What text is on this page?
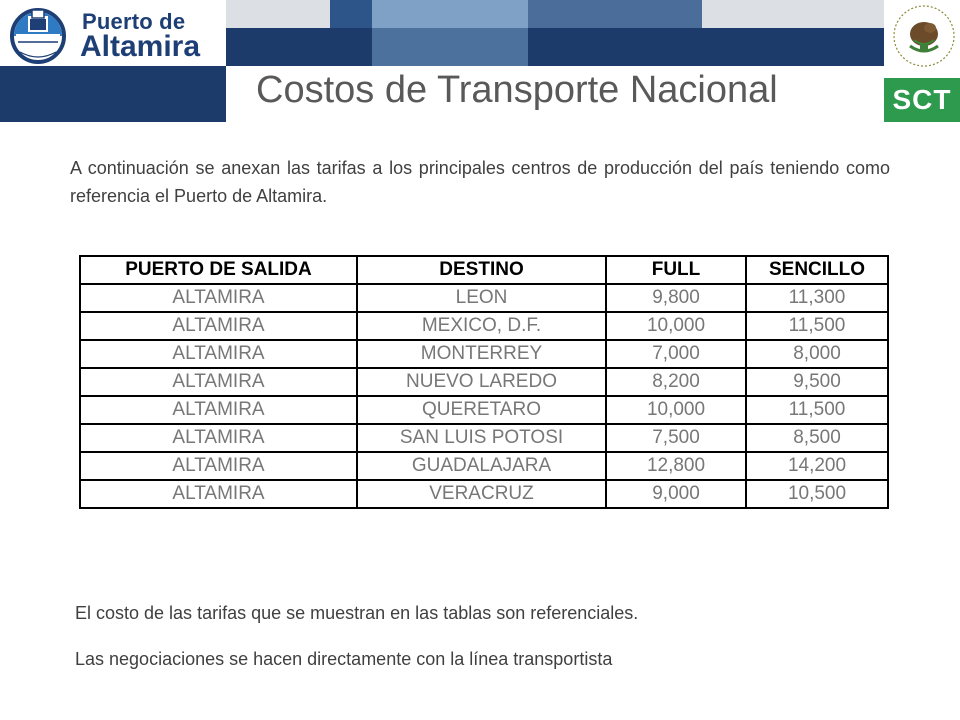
Puerto de
Altamira
Costos de Transporte Nacional	SCT

A continuación se anexan las tarifas a los principales centros de producción del país teniendo como referencia el Puerto de Altamira.

PUERTO DE SALIDA	DESTINO	FULL	SENCILLO
ALTAMIRA	LEON	9,800	11,300
ALTAMIRA	MEXICO, D.F.	10,000	11,500
ALTAMIRA	MONTERREY	7,000	8,000
ALTAMIRA	NUEVO LAREDO	8,200	9,500
ALTAMIRA	QUERETARO	10,000	11,500
ALTAMIRA	SAN LUIS POTOSI	7,500	8,500
ALTAMIRA	GUADALAJARA	12,800	14,200
ALTAMIRA	VERACRUZ	9,000	10,500

El costo de las tarifas que se muestran en las tablas son referenciales.

Las negociaciones se hacen directamente con la línea transportista
